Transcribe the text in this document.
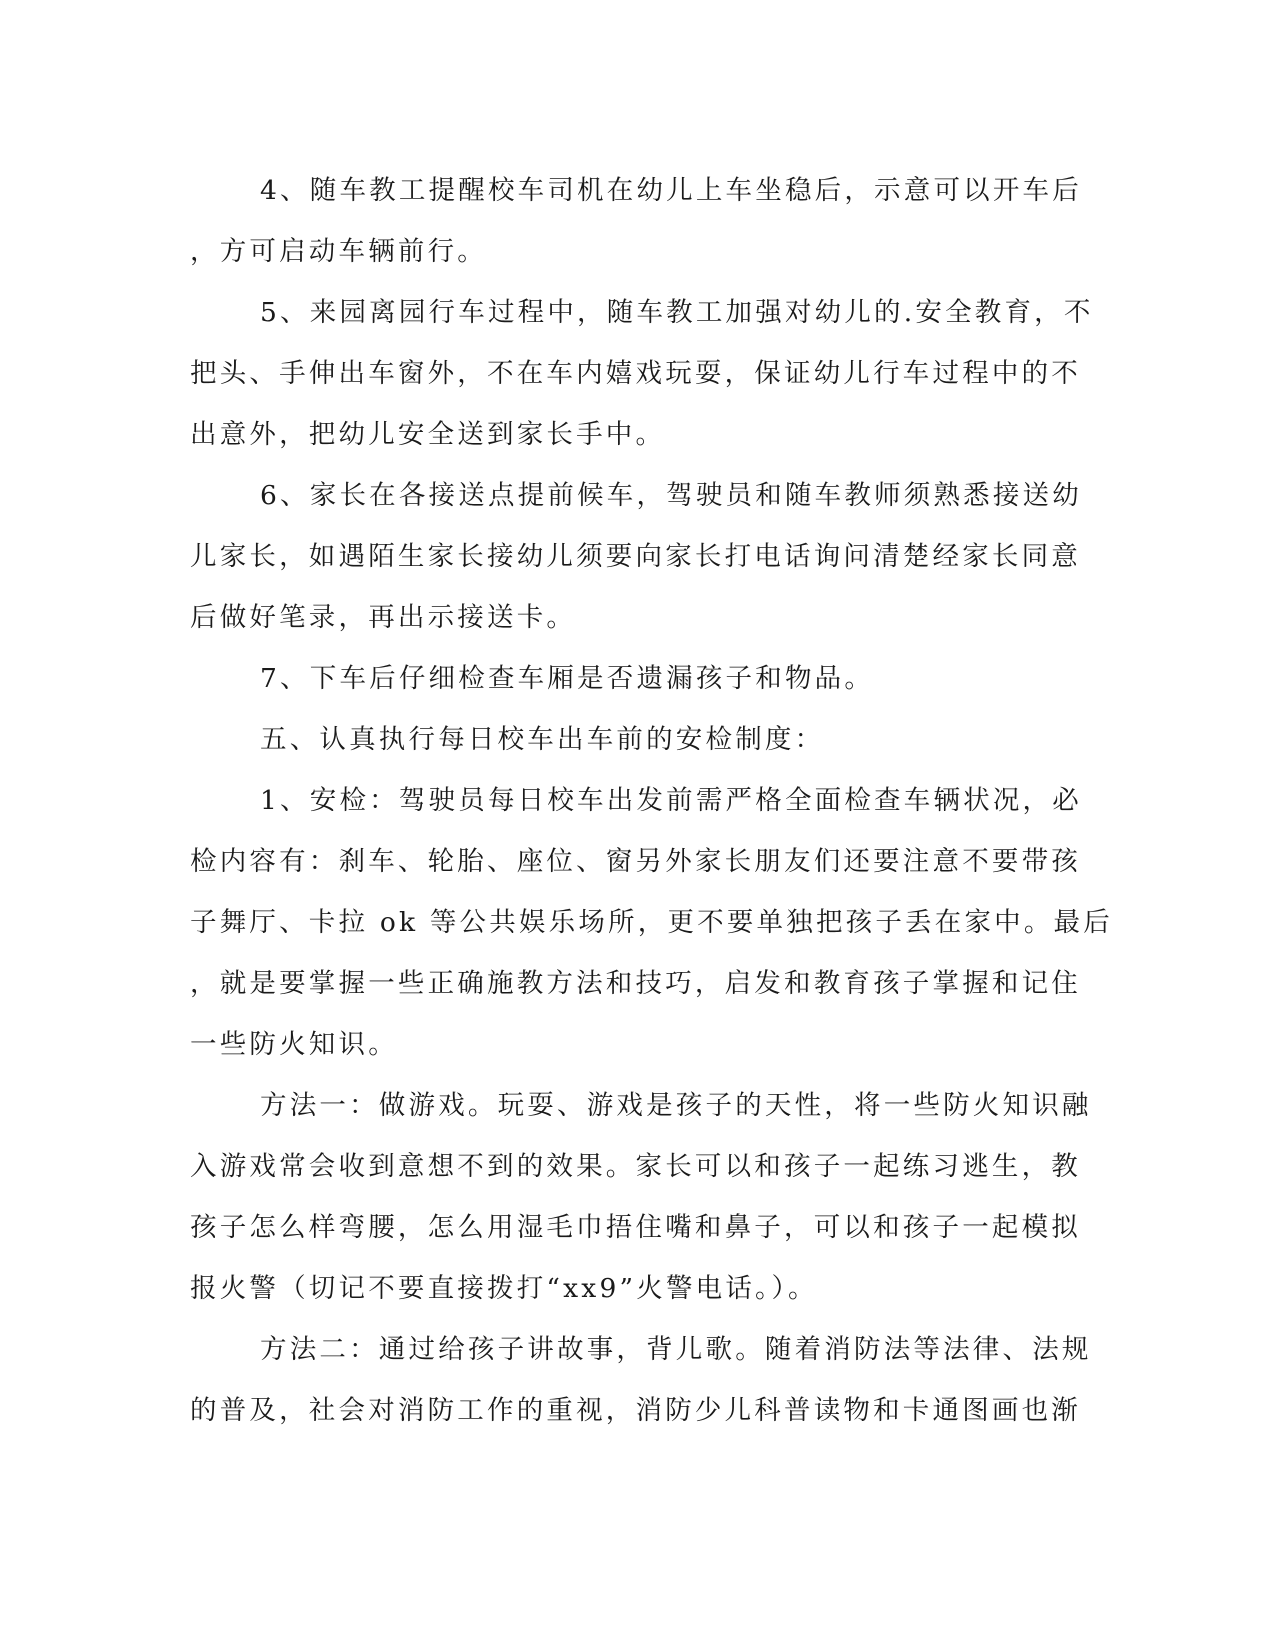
4、随车教工提醒校车司机在幼儿上车坐稳后，示意可以开车后
，方可启动车辆前行。
5、来园离园行车过程中，随车教工加强对幼儿的.安全教育，不
把头、手伸出车窗外，不在车内嬉戏玩耍，保证幼儿行车过程中的不
出意外，把幼儿安全送到家长手中。
6、家长在各接送点提前候车，驾驶员和随车教师须熟悉接送幼
儿家长，如遇陌生家长接幼儿须要向家长打电话询问清楚经家长同意
后做好笔录，再出示接送卡。
7、下车后仔细检查车厢是否遗漏孩子和物品。
五、认真执行每日校车出车前的安检制度：
1、安检：驾驶员每日校车出发前需严格全面检查车辆状况，必
检内容有：刹车、轮胎、座位、窗另外家长朋友们还要注意不要带孩
子舞厅、卡拉 ok 等公共娱乐场所，更不要单独把孩子丢在家中。最后
，就是要掌握一些正确施教方法和技巧，启发和教育孩子掌握和记住
一些防火知识。
方法一：做游戏。玩耍、游戏是孩子的天性，将一些防火知识融
入游戏常会收到意想不到的效果。家长可以和孩子一起练习逃生，教
孩子怎么样弯腰，怎么用湿毛巾捂住嘴和鼻子，可以和孩子一起模拟
报火警（切记不要直接拨打“xx9”火警电话。）。
方法二：通过给孩子讲故事，背儿歌。随着消防法等法律、法规
的普及，社会对消防工作的重视，消防少儿科普读物和卡通图画也渐
